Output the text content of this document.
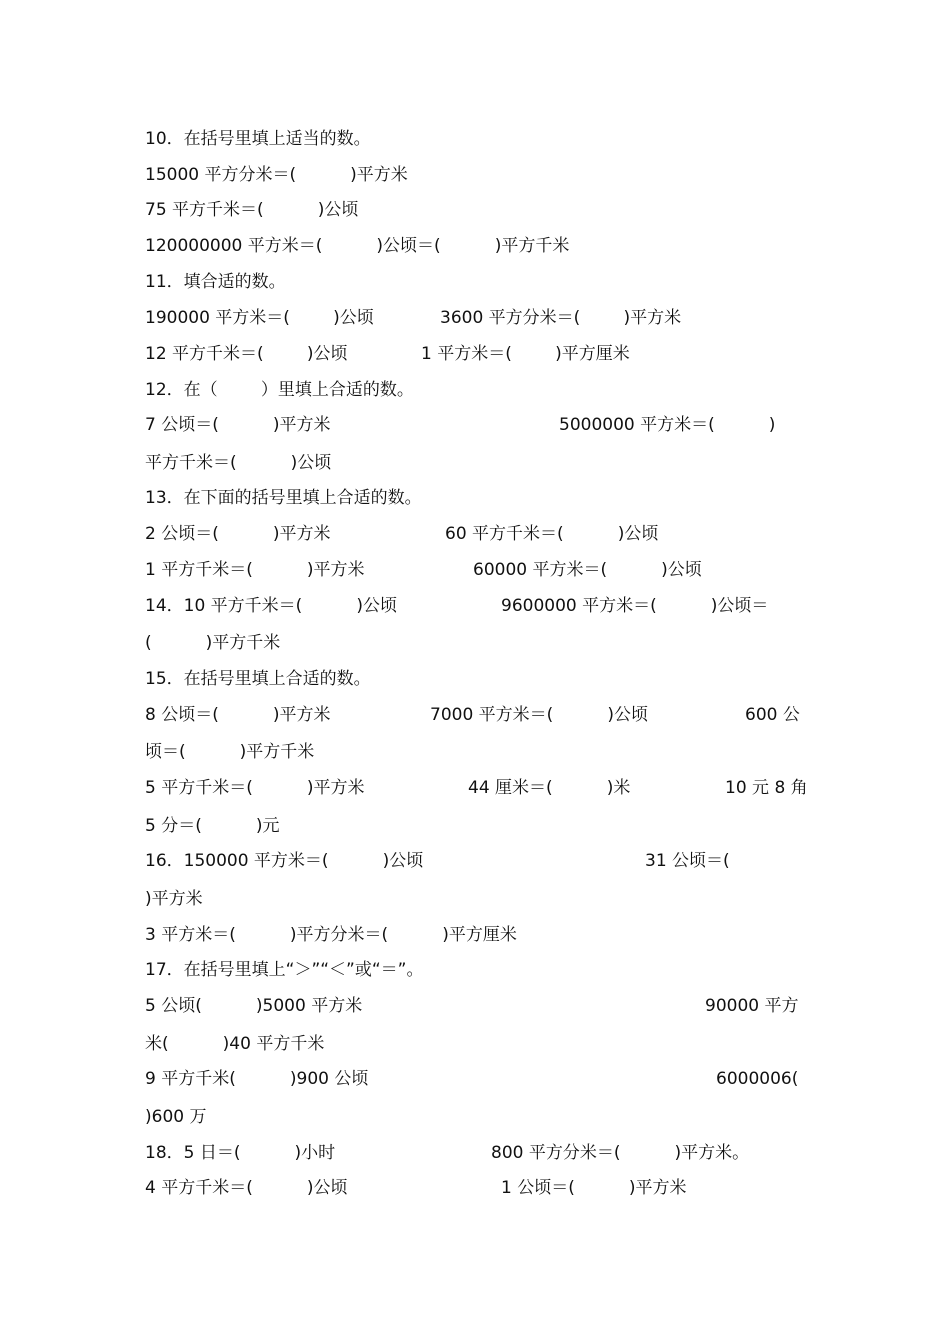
10．在括号里填上适当的数。
15000 平方分米＝(          )平方米
75 平方千米＝(          )公顷
120000000 平方米＝(          )公顷＝(          )平方千米
11．填合适的数。

190000 平方米＝(        )公顷

	3600 平方分米＝(        )平方米

12 平方千米＝(        )公顷

	1 平方米＝(        )平方厘米

12．在（        ）里填上合适的数。

7 公顷＝(          )平方米

	5000000 平方米＝(          )

平方千米＝(          )公顷
13．在下面的括号里填上合适的数。

2 公顷＝(          )平方米

	60 平方千米＝(          )公顷

1 平方千米＝(          )平方米

	60000 平方米＝(          )公顷

14．10 平方千米＝(          )公顷

	9600000 平方米＝(          )公顷＝

(          )平方千米
15．在括号里填上合适的数。

8 公顷＝(          )平方米

	7000 平方米＝(          )公顷

	600 公

顷＝(          )平方千米

5 平方千米＝(          )平方米

	44 厘米＝(          )米

	10 元 8 角

5 分＝(          )元

16．150000 平方米＝(          )公顷

	31 公顷＝(

)平方米
3 平方米＝(          )平方分米＝(          )平方厘米
17．在括号里填上“＞”“＜”或“＝”。

5 公顷(          )5000 平方米

	90000 平方

米(          )40 平方千米

9 平方千米(          )900 公顷

	6000006(

)600 万

18．5 日＝(          )小时

	800 平方分米＝(          )平方米。

4 平方千米＝(          )公顷

	1 公顷＝(          )平方米
